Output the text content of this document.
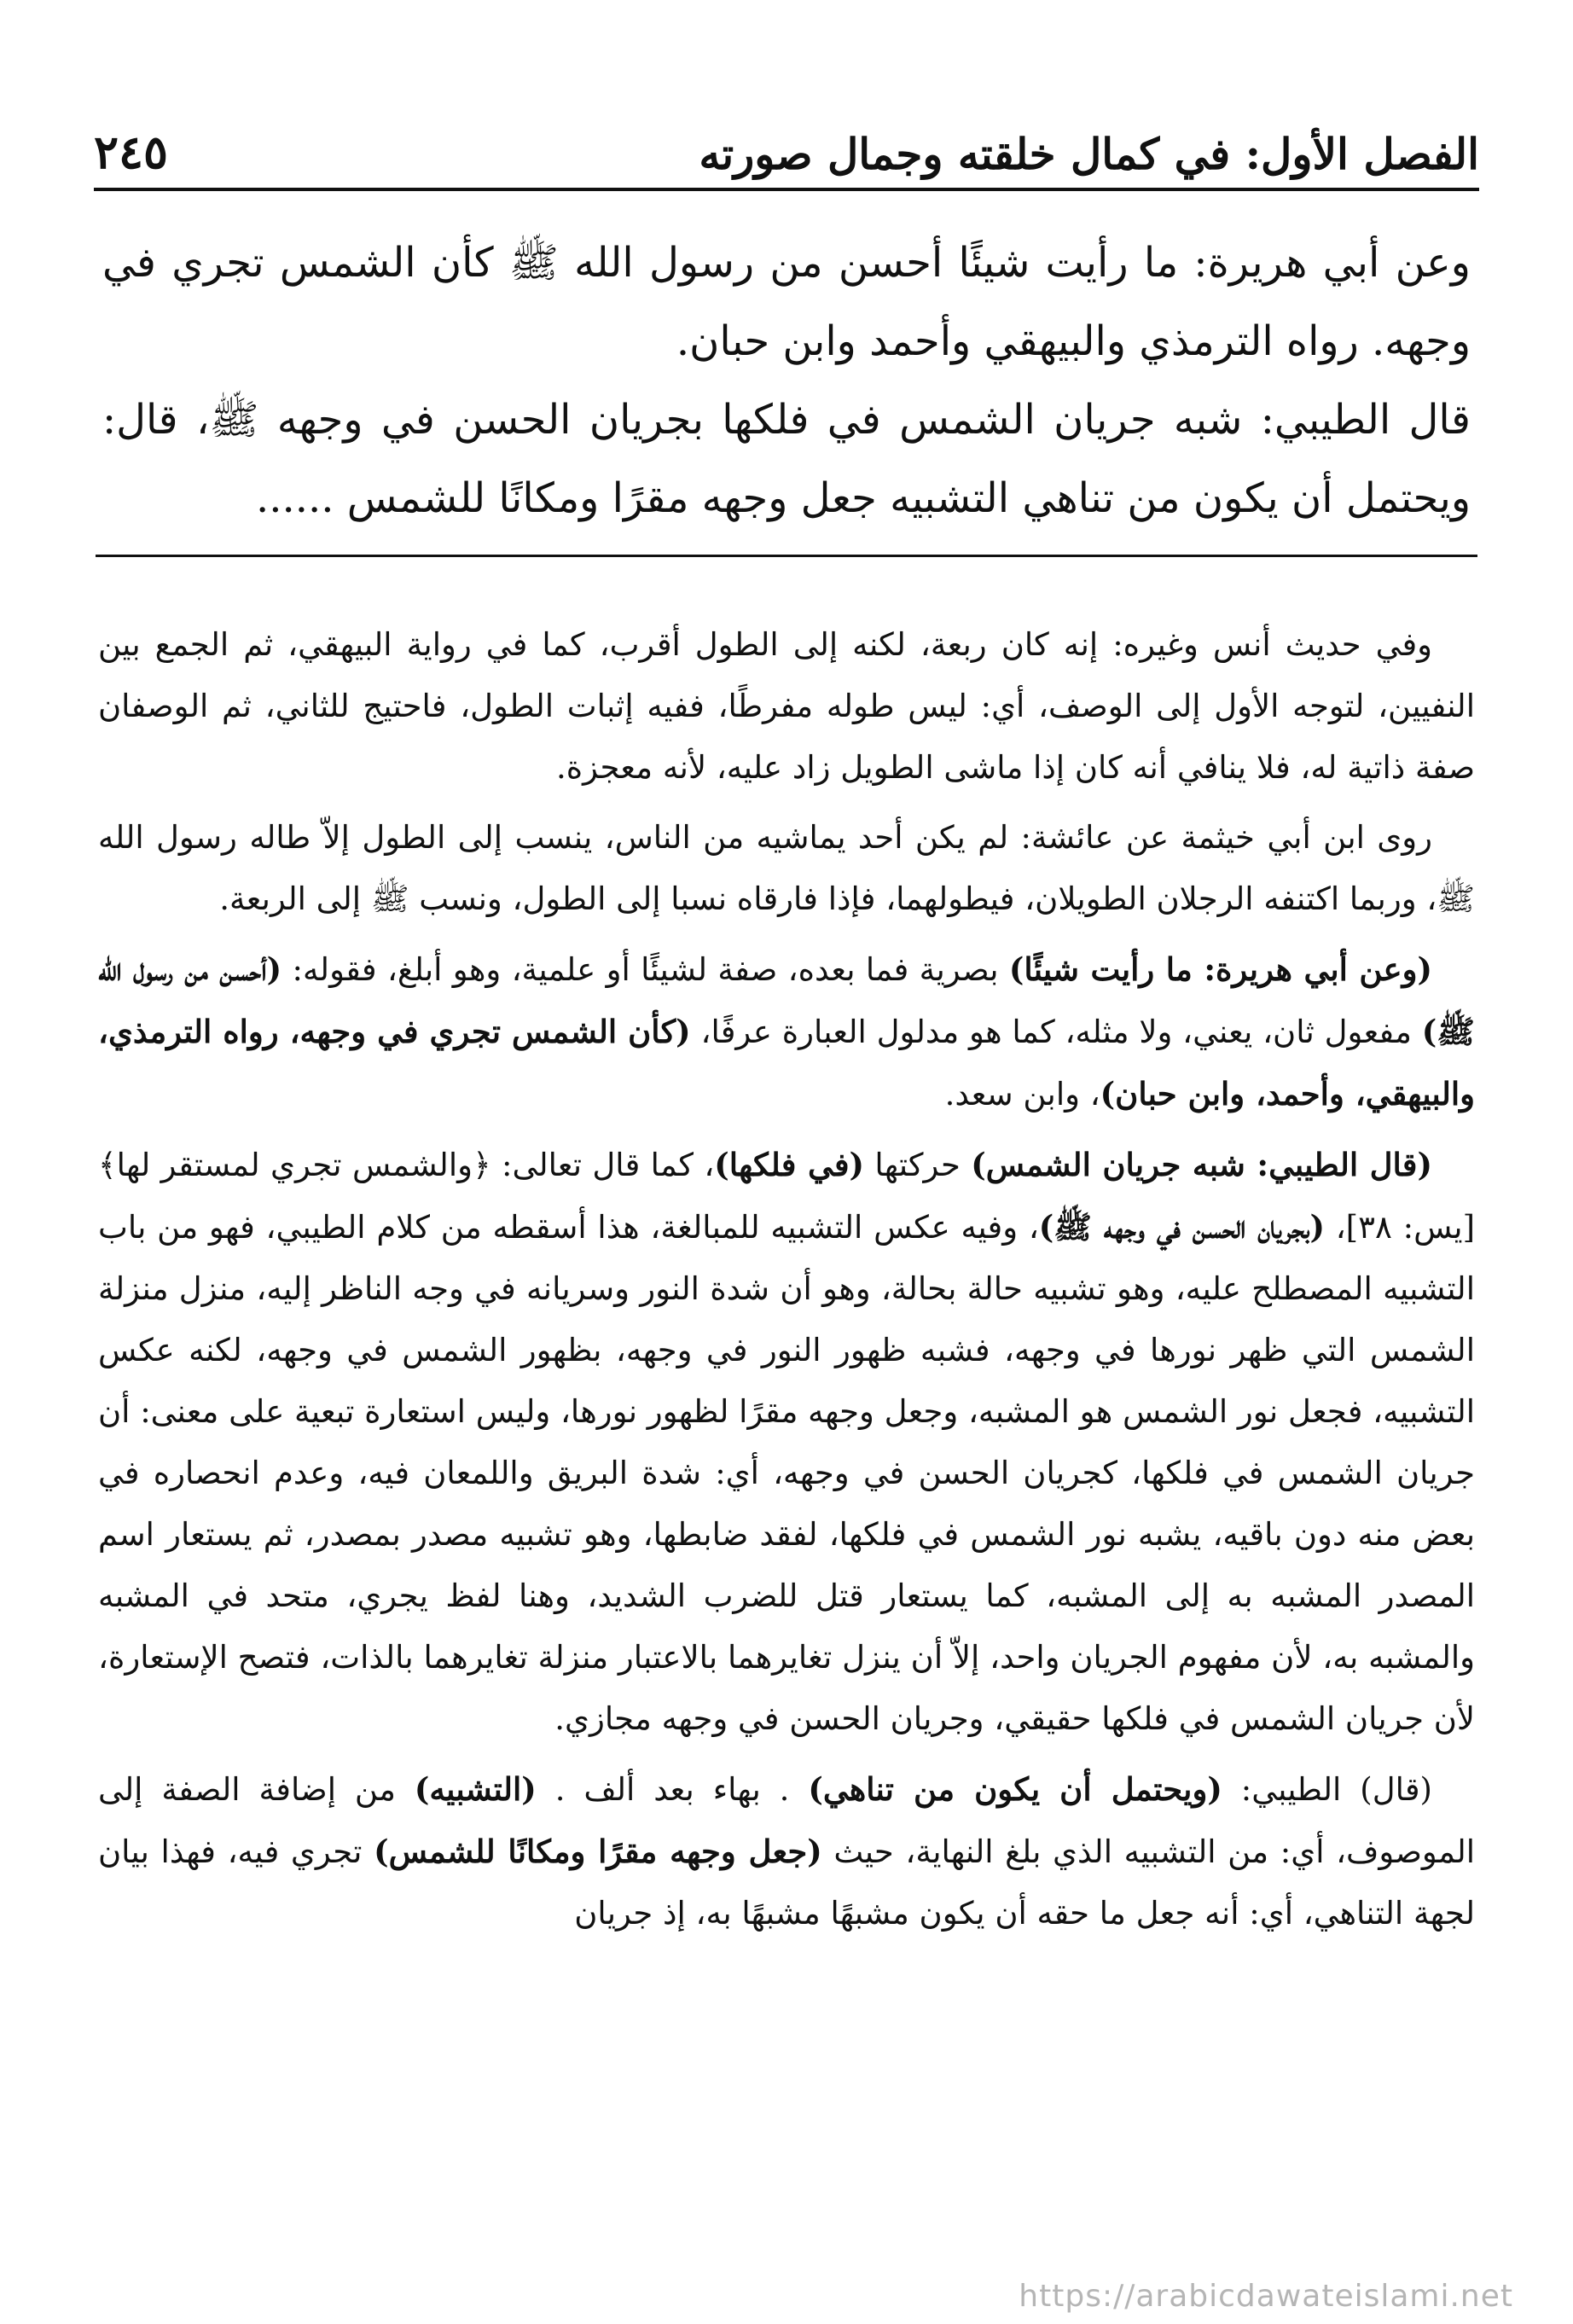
الفصل الأول: في كمال خلقته وجمال صورته
٢٤٥

وعن أبي هريرة: ما رأيت شيئًا أحسن من رسول الله ﷺ كأن الشمس تجري في وجهه. رواه الترمذي والبيهقي وأحمد وابن حبان.

قال الطيبي: شبه جريان الشمس في فلكها بجريان الحسن في وجهه ﷺ، قال: ويحتمل أن يكون من تناهي التشبيه جعل وجهه مقرًا ومكانًا للشمس ......

وفي حديث أنس وغيره: إنه كان ربعة، لكنه إلى الطول أقرب، كما في رواية البيهقي، ثم الجمع بين النفيين، لتوجه الأول إلى الوصف، أي: ليس طوله مفرطًا، ففيه إثبات الطول، فاحتيج للثاني، ثم الوصفان صفة ذاتية له، فلا ينافي أنه كان إذا ماشى الطويل زاد عليه، لأنه معجزة.

روى ابن أبي خيثمة عن عائشة: لم يكن أحد يماشيه من الناس، ينسب إلى الطول إلاّ طاله رسول الله ﷺ، وربما اكتنفه الرجلان الطويلان، فيطولهما، فإذا فارقاه نسبا إلى الطول، ونسب ﷺ إلى الربعة.

(وعن أبي هريرة: ما رأيت شيئًا) بصرية فما بعده، صفة لشيئًا أو علمية، وهو أبلغ، فقوله: (أحسن من رسول الله ﷺ) مفعول ثان، يعني، ولا مثله، كما هو مدلول العبارة عرفًا، (كأن الشمس تجري في وجهه، رواه الترمذي، والبيهقي، وأحمد، وابن حبان)، وابن سعد.

(قال الطيبي: شبه جريان الشمس) حركتها (في فلكها)، كما قال تعالى: ﴿والشمس تجري لمستقر لها﴾ [يس: ٣٨]، (بجريان الحسن في وجهه ﷺ)، وفيه عكس التشبيه للمبالغة، هذا أسقطه من كلام الطيبي، فهو من باب التشبيه المصطلح عليه، وهو تشبيه حالة بحالة، وهو أن شدة النور وسريانه في وجه الناظر إليه، منزل منزلة الشمس التي ظهر نورها في وجهه، فشبه ظهور النور في وجهه، بظهور الشمس في وجهه، لكنه عكس التشبيه، فجعل نور الشمس هو المشبه، وجعل وجهه مقرًا لظهور نورها، وليس استعارة تبعية على معنى: أن جريان الشمس في فلكها، كجريان الحسن في وجهه، أي: شدة البريق واللمعان فيه، وعدم انحصاره في بعض منه دون باقيه، يشبه نور الشمس في فلكها، لفقد ضابطها، وهو تشبيه مصدر بمصدر، ثم يستعار اسم المصدر المشبه به إلى المشبه، كما يستعار قتل للضرب الشديد، وهنا لفظ يجري، متحد في المشبه والمشبه به، لأن مفهوم الجريان واحد، إلاّ أن ينزل تغايرهما بالاعتبار منزلة تغايرهما بالذات، فتصح الإستعارة، لأن جريان الشمس في فلكها حقيقي، وجريان الحسن في وجهه مجازي.

(قال) الطيبي: (ويحتمل أن يكون من تناهي) . بهاء بعد ألف . (التشبيه) من إضافة الصفة إلى الموصوف، أي: من التشبيه الذي بلغ النهاية، حيث (جعل وجهه مقرًا ومكانًا للشمس) تجري فيه، فهذا بيان لجهة التناهي، أي: أنه جعل ما حقه أن يكون مشبهًا مشبهًا به، إذ جريان

https://arabicdawateislami.net
